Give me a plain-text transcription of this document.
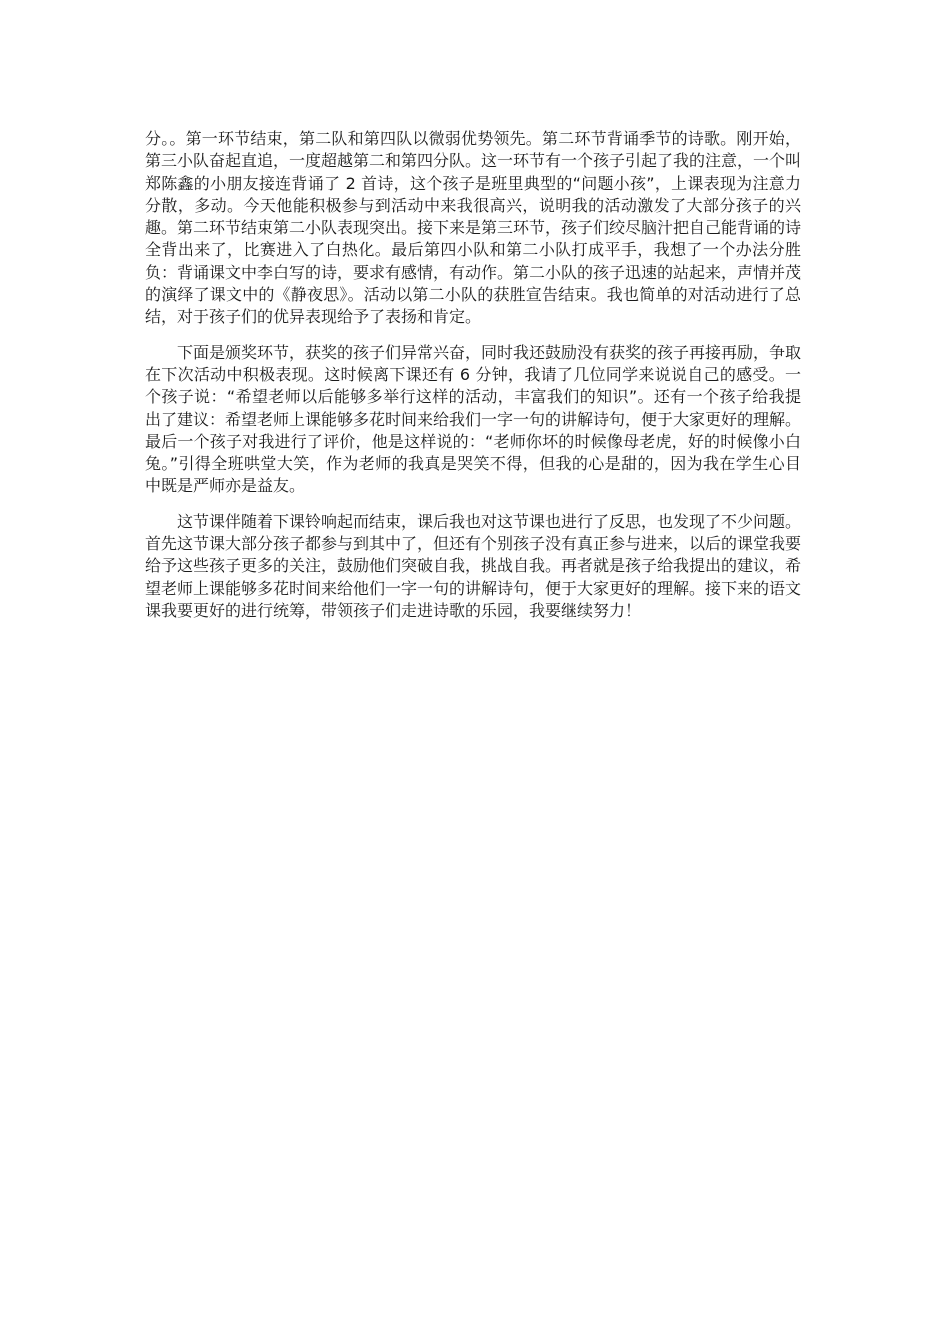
分。。第一环节结束，第二队和第四队以微弱优势领先。第二环节背诵季节的诗歌。刚开始，第三小队奋起直追，一度超越第二和第四分队。这一环节有一个孩子引起了我的注意，一个叫郑陈鑫的小朋友接连背诵了 2 首诗，这个孩子是班里典型的“问题小孩”，上课表现为注意力分散，多动。今天他能积极参与到活动中来我很高兴，说明我的活动激发了大部分孩子的兴趣。第二环节结束第二小队表现突出。接下来是第三环节，孩子们绞尽脑汁把自己能背诵的诗全背出来了，比赛进入了白热化。最后第四小队和第二小队打成平手，我想了一个办法分胜负：背诵课文中李白写的诗，要求有感情，有动作。第二小队的孩子迅速的站起来，声情并茂的演绎了课文中的《静夜思》。活动以第二小队的获胜宣告结束。我也简单的对活动进行了总结，对于孩子们的优异表现给予了表扬和肯定。

下面是颁奖环节，获奖的孩子们异常兴奋，同时我还鼓励没有获奖的孩子再接再励，争取在下次活动中积极表现。这时候离下课还有 6 分钟，我请了几位同学来说说自己的感受。一个孩子说：“希望老师以后能够多举行这样的活动，丰富我们的知识”。还有一个孩子给我提出了建议：希望老师上课能够多花时间来给我们一字一句的讲解诗句，便于大家更好的理解。最后一个孩子对我进行了评价，他是这样说的：“老师你坏的时候像母老虎，好的时候像小白兔。”引得全班哄堂大笑，作为老师的我真是哭笑不得，但我的心是甜的，因为我在学生心目中既是严师亦是益友。

这节课伴随着下课铃响起而结束，课后我也对这节课也进行了反思，也发现了不少问题。首先这节课大部分孩子都参与到其中了，但还有个别孩子没有真正参与进来，以后的课堂我要给予这些孩子更多的关注，鼓励他们突破自我，挑战自我。再者就是孩子给我提出的建议，希望老师上课能够多花时间来给他们一字一句的讲解诗句，便于大家更好的理解。接下来的语文课我要更好的进行统筹，带领孩子们走进诗歌的乐园，我要继续努力！
